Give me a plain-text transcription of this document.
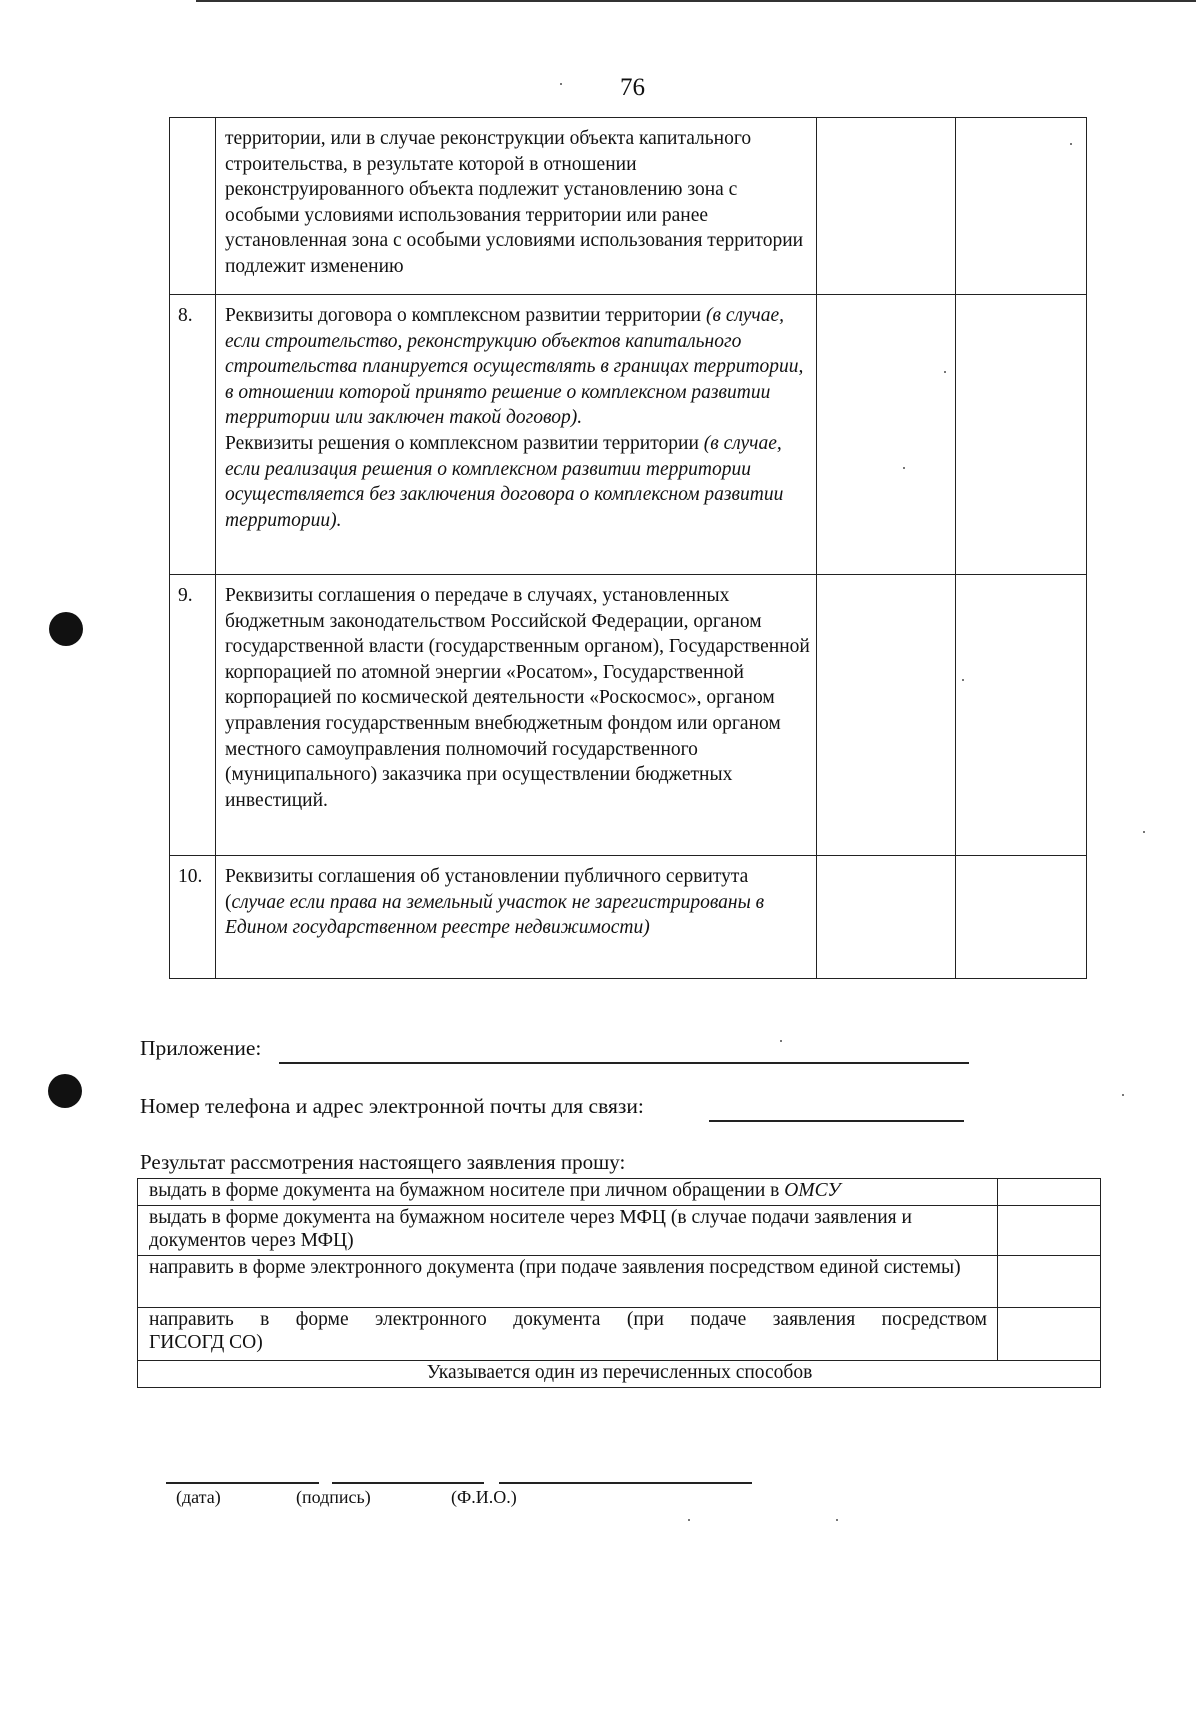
76
	территории, или в случае реконструкции объекта капитального строительства, в результате которой в отношении реконструированного объекта подлежит установлению зона с особыми условиями использования территории или ранее установленная зона с особыми условиями использования территории подлежит изменению		
8.	Реквизиты договора о комплексном развитии территории (в случае, если строительство, реконструкцию объектов капитального строительства планируется осуществлять в границах территории, в отношении которой принято решение о комплексном развитии территории или заключен такой договор).
Реквизиты решения о комплексном развитии территории (в случае, если реализация решения о комплексном развитии территории осуществляется без заключения договора о комплексном развитии территории).		
9.	Реквизиты соглашения о передаче в случаях, установленных бюджетным законодательством Российской Федерации, органом государственной власти (государственным органом), Государственной корпорацией по атомной энергии «Росатом», Государственной корпорацией по космической деятельности «Роскосмос», органом управления государственным внебюджетным фондом или органом местного самоуправления полномочий государственного (муниципального) заказчика при осуществлении бюджетных инвестиций.		
10.	Реквизиты соглашения об установлении публичного сервитута (случае если права на земельный участок не зарегистрированы в Едином государственном реестре недвижимости)		
Приложение:
Номер телефона и адрес электронной почты для связи:
Результат рассмотрения настоящего заявления прошу:
выдать в форме документа на бумажном носителе при личном обращении в ОМСУ	
выдать в форме документа на бумажном носителе через МФЦ (в случае подачи заявления и документов через МФЦ)	
направить в форме электронного документа (при подаче заявления посредством единой системы)	
направить в форме электронного документа (при подаче заявления посредством
ГИСОГД СО)	

Указывается один из перечисленных способов	
(дата)	(подпись)	(Ф.И.О.)
